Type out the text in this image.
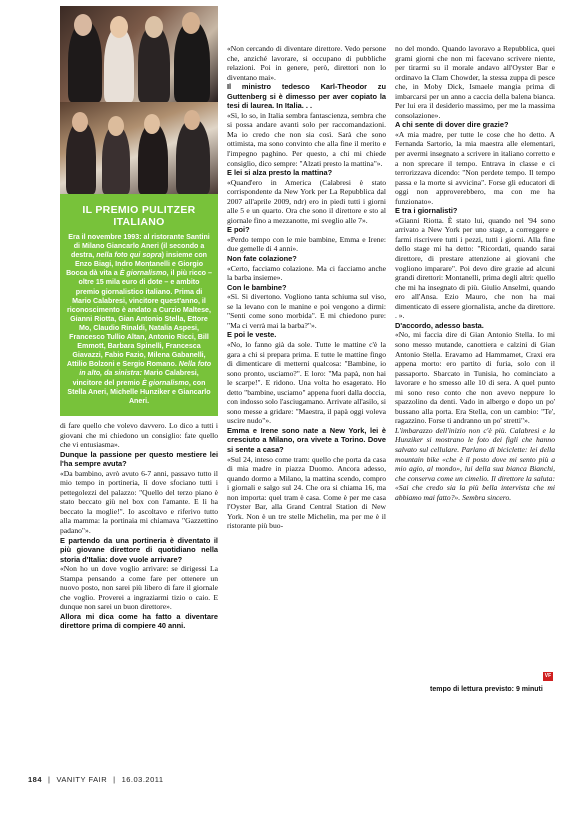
IL PREMIO PULITZER
ITALIANO
Era il novembre 1993: al ristorante Santini di Milano Giancarlo Aneri (il secondo a destra, nella foto qui sopra) insieme con Enzo Biagi, Indro Montanelli e Giorgio Bocca dà vita a È giornalismo, il più ricco – oltre 15 mila euro di dote – e ambito premio giornalistico italiano. Prima di Mario Calabresi, vincitore quest'anno, il riconoscimento è andato a Curzio Maltese, Gianni Riotta, Gian Antonio Stella, Ettore Mo, Claudio Rinaldi, Natalia Aspesi, Francesco Tullio Altan, Antonio Ricci, Bill Emmott, Barbara Spinelli, Francesca Giavazzi, Fabio Fazio, Milena Gabanelli, Attilio Bolzoni e Sergio Romano. Nella foto in alto, da sinistra: Mario Calabresi, vincitore del premio È giornalismo, con Stella Aneri, Michelle Hunziker e Giancarlo Aneri.

di fare quello che volevo davvero. Lo dico a tutti i giovani che mi chiedono un consiglio: fate quello che vi entusiasma».

Dunque la passione per questo mestiere lei l'ha sempre avuta?

«Da bambino, avrò avuto 6-7 anni, passavo tutto il mio tempo in portineria, lì dove sfociano tutti i pettegolezzi del palazzo: "Quello del terzo piano è stato beccato giù nel box con l'amante. E lì ha beccato la moglie!". Io ascoltavo e riferivo tutto alla mamma: la portinaia mi chiamava "Gazzettino padano"».

E partendo da una portineria è diventato il più giovane direttore di quotidiano nella storia d'Italia: dove vuole arrivare?

«Non ho un dove voglio arrivare: se dirigessi La Stampa pensando a come fare per ottenere un nuovo posto, non sarei più libero di fare il giornale che voglio. Proverei a ingraziarmi tizio o caio. E dunque non sarei un buon direttore».

Allora mi dica come ha fatto a diventare direttore prima di compiere 40 anni.

«Non cercando di diventare direttore. Vedo persone che, anziché lavorare, si occupano di pubbliche relazioni. Poi in genere, però, direttori non lo diventano mai».

Il ministro tedesco Karl-Theodor zu Guttenberg si è dimesso per aver copiato la tesi di laurea. In Italia. . .

«Sì, lo so, in Italia sembra fantascienza, sembra che si possa andare avanti solo per raccomandazioni. Ma io credo che non sia così. Sarà che sono ottimista, ma sono convinto che alla fine il merito e l'impegno paghino. Per questo, a chi mi chiede consiglio, dico sempre: "Alzati presto la mattina"».

E lei si alza presto la mattina?

«Quand'ero in America (Calabresi è stato corrispondente da New York per La Repubblica dal 2007 all'aprile 2009, ndr) ero in piedi tutti i giorni alle 5 e un quarto. Ora che sono il direttore e sto al giornale fino a mezzanotte, mi sveglio alle 7».

E poi?

«Perdo tempo con le mie bambine, Emma e Irene: due gemelle di 4 anni».

Non fate colazione?

«Certo, facciamo colazione. Ma ci facciamo anche la barba insieme».

Con le bambine?

«Sì. Si divertono. Vogliono tanta schiuma sul viso, se la levano con le manine e poi vengono a dirmi: "Senti come sono morbida". E mi chiedono pure: "Ma ci verrà mai la barba?"».

E poi le veste.

«No, lo fanno già da sole. Tutte le mattine c'è la gara a chi si prepara prima. E tutte le mattine fingo di dimenticare di metterni qualcosa: "Bambine, io sono pronto, usciamo?". E loro: "Ma papà, non hai le scarpe!". E ridono. Una volta ho esagerato. Ho detto "bambine, usciamo" appena fuori dalla doccia, con indosso solo l'asciugamano. Arrivate all'asilo, si sono messe a gridare: "Maestra, il papà oggi voleva uscire nudo"».

Emma e Irene sono nate a New York, lei è cresciuto a Milano, ora vivete a Torino. Dove si sente a casa?

«Sul 24, inteso come tram: quello che porta da casa di mia madre in piazza Duomo. Ancora adesso, quando dormo a Milano, la mattina scendo, compro i giornali e salgo sul 24. Che ora si chiama 16, ma non importa: quel tram è casa. Come è per me casa l'Oyster Bar, alla Grand Central Station di New York. Non è un tre stelle Michelin, ma per me è il ristorante più buo-

no del mondo. Quando lavoravo a Repubblica, quei grami giorni che non mi facevano scrivere niente, per tirarmi su il morale andavo all'Oyster Bar e ordinavo la Clam Chowder, la stessa zuppa di pesce che, in Moby Dick, Ismaele mangia prima di imbarcarsi per un anno a caccia della balena bianca. Per lui era il desiderio massimo, per me la massima consolazione».

A chi sente di dover dire grazie?

«A mia madre, per tutte le cose che ho detto. A Fernanda Sartorio, la mia maestra alle elementari, per avermi insegnato a scrivere in italiano corretto e a non sprecare il tempo. Entrava in classe e ci terrorizzava dicendo: "Non perdete tempo. Il tempo passa e la morte si avvicina". Forse gli educatori di oggi non approverebbero, ma con me ha funzionato».

E tra i giornalisti?

«Gianni Riotta. È stato lui, quando nel '94 sono arrivato a New York per uno stage, a correggere e farmi riscrivere tutti i pezzi, tutti i giorni. Alla fine dello stage mi ha detto: "Ricordati, quando sarai direttore, di prestare attenzione ai giovani che vogliono imparare". Poi devo dire grazie ad alcuni grandi direttori: Montanelli, prima degli altri: quello che mi ha insegnato di più. Giulio Anselmi, quando ero all'Ansa. Ezio Mauro, che non ha mai dimenticato di essere giornalista, anche da direttore. . ».

D'accordo, adesso basta.

«No, mi faccia dire di Gian Antonio Stella. Io mi sono messo mutande, canottiera e calzini di Gian Antonio Stella. Eravamo ad Hammamet, Craxi era appena morto: ero partito di furia, solo con il passaporto. Sbarcato in Tunisia, ho cominciato a lavorare e ho smesso alle 10 di sera. A quel punto mi sono reso conto che non avevo neppure lo spazzolino da denti. Vado in albergo e dopo un po' bussano alla porta. Era Stella, con un cambio: "Te', ragazzino. Forse ti andranno un po' stretti"».

L'imbarazzo dell'inizio non c'è più. Calabresi e la Hunziker si mostrano le foto dei figli che hanno salvato sul cellulare. Parlano di biciclette: lei della mountain bike «che è il posto dove mi sento più a mio agio, al mondo», lui della sua bianca Bianchi, che conserva come un cimelio. Il direttore la saluta: «Sai che credo sia la più bella intervista che mi abbiamo mai fatto?». Sembra sincero.

VF
tempo di lettura previsto: 9 minuti
184 | VANITY FAIR | 16.03.2011
